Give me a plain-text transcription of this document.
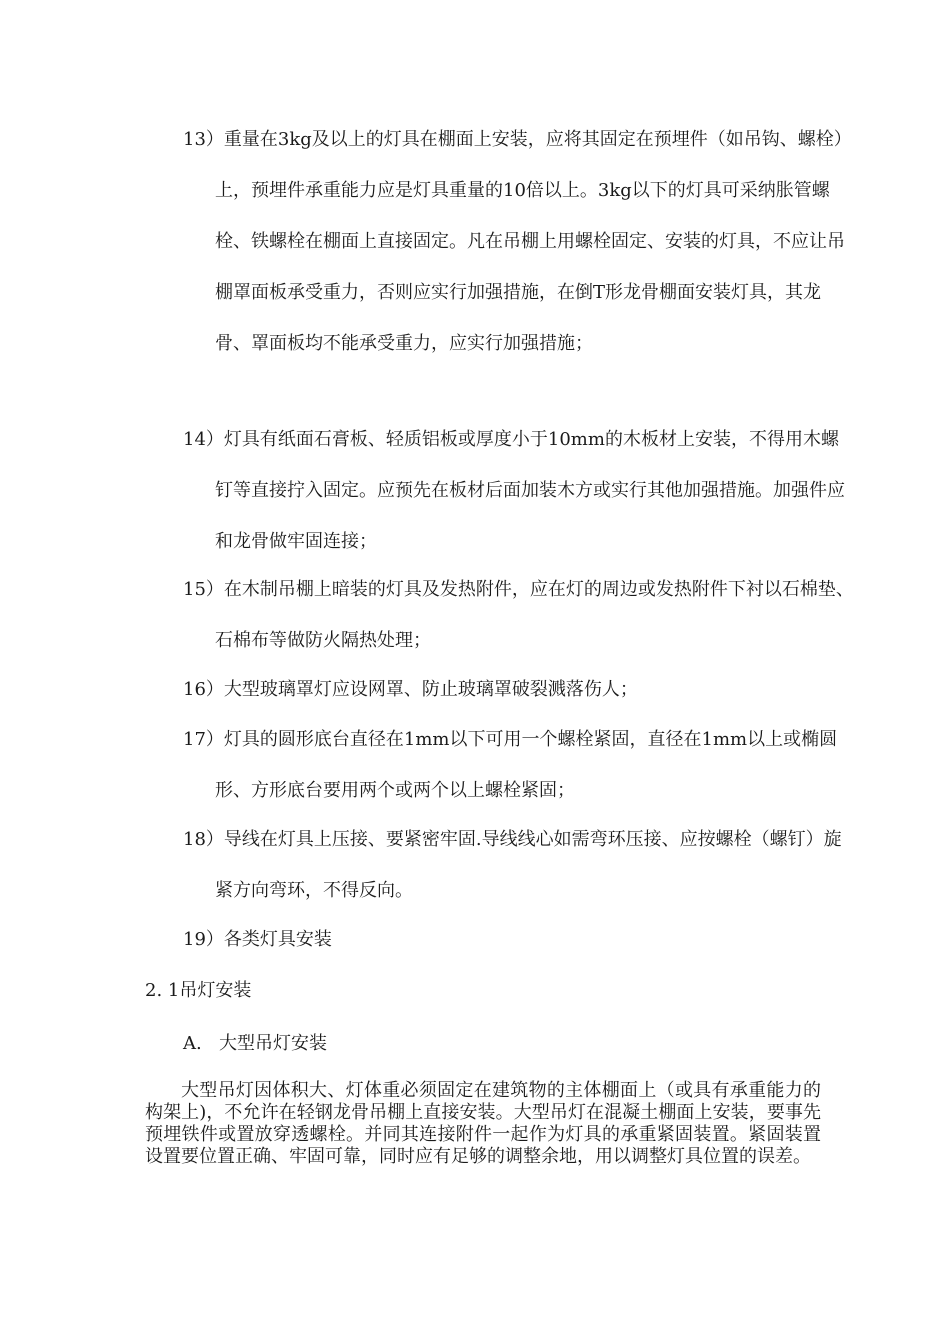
13）重量在3kg及以上的灯具在棚面上安装，应将其固定在预埋件（如吊钩、螺栓）上，预埋件承重能力应是灯具重量的10倍以上。3kg以下的灯具可采纳胀管螺栓、铁螺栓在棚面上直接固定。凡在吊棚上用螺栓固定、安装的灯具，不应让吊棚罩面板承受重力，否则应实行加强措施，在倒T形龙骨棚面安装灯具，其龙骨、罩面板均不能承受重力，应实行加强措施；

14）灯具有纸面石膏板、轻质铝板或厚度小于10mm的木板材上安装，不得用木螺钉等直接拧入固定。应预先在板材后面加装木方或实行其他加强措施。加强件应和龙骨做牢固连接；

15）在木制吊棚上暗装的灯具及发热附件，应在灯的周边或发热附件下衬以石棉垫、石棉布等做防火隔热处理；

16）大型玻璃罩灯应设网罩、防止玻璃罩破裂溅落伤人；

17）灯具的圆形底台直径在1mm以下可用一个螺栓紧固，直径在1mm以上或椭圆形、方形底台要用两个或两个以上螺栓紧固；

18）导线在灯具上压接、要紧密牢固.导线线心如需弯环压接、应按螺栓（螺钉）旋紧方向弯环，不得反向。

19）各类灯具安装

2. 1吊灯安装

A. 大型吊灯安装

大型吊灯因体积大、灯体重必须固定在建筑物的主体棚面上（或具有承重能力的构架上)，不允许在轻钢龙骨吊棚上直接安装。大型吊灯在混凝土棚面上安装，要事先预埋铁件或置放穿透螺栓。并同其连接附件一起作为灯具的承重紧固装置。紧固装置设置要位置正确、牢固可靠，同时应有足够的调整余地，用以调整灯具位置的误差。
